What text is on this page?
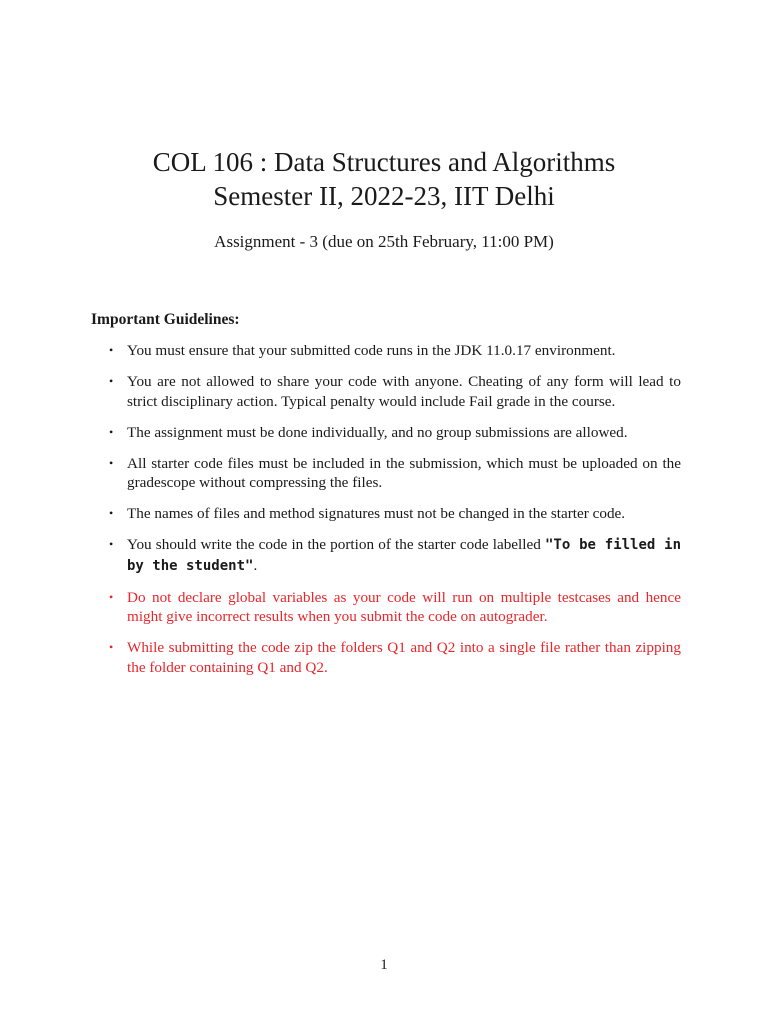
COL 106 : Data Structures and Algorithms
Semester II, 2022-23, IIT Delhi
Assignment - 3 (due on 25th February, 11:00 PM)
Important Guidelines:
• You must ensure that your submitted code runs in the JDK 11.0.17 environment.
• You are not allowed to share your code with anyone. Cheating of any form will lead to strict disciplinary action. Typical penalty would include Fail grade in the course.
• The assignment must be done individually, and no group submissions are allowed.
• All starter code files must be included in the submission, which must be uploaded on the gradescope without compressing the files.
• The names of files and method signatures must not be changed in the starter code.
• You should write the code in the portion of the starter code labelled "To be filled in by the student".
• Do not declare global variables as your code will run on multiple testcases and hence might give incorrect results when you submit the code on autograder.
• While submitting the code zip the folders Q1 and Q2 into a single file rather than zipping the folder containing Q1 and Q2.
1
